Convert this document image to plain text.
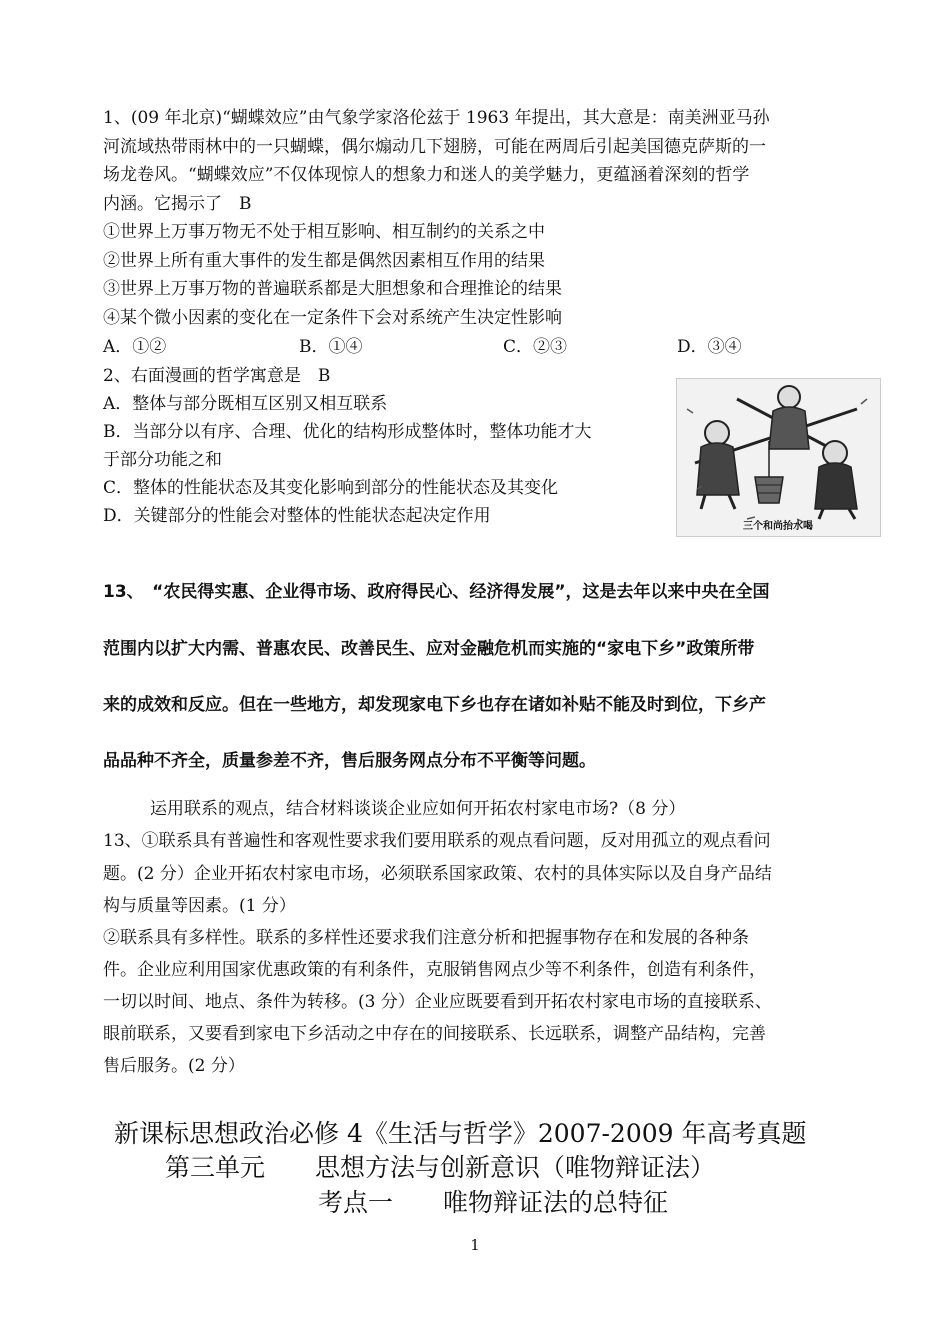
1、(09 年北京)“蝴蝶效应”由气象学家洛伦兹于 1963 年提出，其大意是：南美洲亚马孙
河流域热带雨林中的一只蝴蝶，偶尔煽动几下翅膀，可能在两周后引起美国德克萨斯的一
场龙卷风。“蝴蝶效应”不仅体现惊人的想象力和迷人的美学魅力，更蕴涵着深刻的哲学
内涵。它揭示了　B
①世界上万事万物无不处于相互影响、相互制约的关系之中
②世界上所有重大事件的发生都是偶然因素相互作用的结果
③世界上万事万物的普遍联系都是大胆想象和合理推论的结果
④某个微小因素的变化在一定条件下会对系统产生决定性影响
A．①②	B．①④	C．②③	D．③④
2、右面漫画的哲学寓意是　B
A．整体与部分既相互区别又相互联系
B．当部分以有序、合理、优化的结构形成整体时，整体功能才大
于部分功能之和
C．整体的性能状态及其变化影响到部分的性能状态及其变化
D．关键部分的性能会对整体的性能状态起决定作用
三个和尚抬水喝
13、　“农民得实惠、企业得市场、政府得民心、经济得发展”，这是去年以来中央在全国
范围内以扩大内需、普惠农民、改善民生、应对金融危机而实施的“家电下乡”政策所带
来的成效和反应。但在一些地方，却发现家电下乡也存在诸如补贴不能及时到位，下乡产
品品种不齐全，质量参差不齐，售后服务网点分布不平衡等问题。
运用联系的观点，结合材料谈谈企业应如何开拓农村家电市场?（8 分）
13、①联系具有普遍性和客观性要求我们要用联系的观点看问题，反对用孤立的观点看问
题。(2 分）企业开拓农村家电市场，必须联系国家政策、农村的具体实际以及自身产品结
构与质量等因素。(1 分）
②联系具有多样性。联系的多样性还要求我们注意分析和把握事物存在和发展的各种条
件。企业应利用国家优惠政策的有利条件，克服销售网点少等不利条件，创造有利条件，
一切以时间、地点、条件为转移。(3 分）企业应既要看到开拓农村家电市场的直接联系、
眼前联系，又要看到家电下乡活动之中存在的间接联系、长远联系，调整产品结构，完善
售后服务。(2 分）
新课标思想政治必修 4《生活与哲学》2007-2009 年高考真题
第三单元　　思想方法与创新意识（唯物辩证法）
考点一　　唯物辩证法的总特征
1
